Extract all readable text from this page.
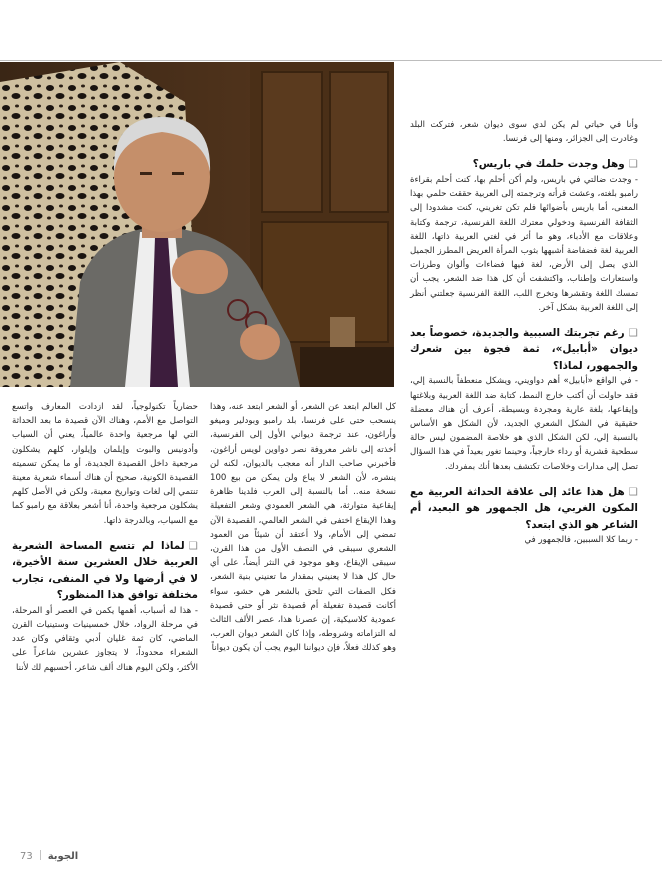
وأنا في حياتي لم يكن لدي سوى ديوان شعر، فتركت البلد وغادرت إلى الجزائر، ومنها إلى فرنسا.

❑وهل وجدت حلمك في باريس؟

- وجدت ضالتي في باريس، ولم أكن أحلم بها، كنت أحلم بقراءة رامبو بلغته، وعشت قرأته وترجمته إلى العربية حققت حلمي بهذا المعنى، أما باريس بأضوائها فلم تكن تغريني، كنت مشدودا إلى الثقافة الفرنسية ودخولي معترك اللغة الفرنسية، ترجمة وكتابة وعلاقات مع الأدباء، وهو ما أثر في لغتي العربية ذاتها، اللغة العربية لغة فضفاضة أشبهها بثوب المرأة العريض المطرز الجميل الذي يصل إلى الأرض، لغة فيها فضاءات وألوان وطرزات واستعارات وإطناب، واكتشفت أن كل هذا ضد الشعر، يجب أن تمسك اللغة وتقشرها وتخرج اللب، اللغة الفرنسية جعلتني أنظر إلى اللغة العربية بشكل آخر.

❑رغم تجربتك السببية والجديدة، خصوصاً بعد ديوان «أبابيل»، ثمة فجوة بين شعرك والجمهور، لماذا؟

- في الواقع «أبابيل» أهم دواويني، ويشكل منعطفاً بالنسبة إلي، فقد حاولت أن أكتب خارج النمط، كتابة ضد اللغة العربية وبلاغتها وإيقاعها، بلغة عارية ومجردة وبسيطة، أعرف أن هناك معضلة حقيقية في الشكل الشعري الجديد، لأن الشكل هو الأساس بالنسبة إلي، لكن الشكل الذي هو خلاصة المضمون ليس حالة سطحية قشرية أو رداء خارجياً، وحينما تغور بعيداً في هذا السؤال تصل إلى مدارات وخلاصات تكتشف بعدها أنك بمفردك.

❑هل هذا عائد إلى علاقة الحداثة العربية مع المكون الغربي، هل الجمهور هو البعيد، أم الشاعر هو الذي ابتعد؟

- ربما كلا السببين، فالجمهور في

كل العالم ابتعد عن الشعر، أو الشعر ابتعد عنه، وهذا ينسحب حتى على فرنسا، بلد رامبو وبودلير وميغو وأراغون، عند ترجمة ديواني الأول إلى الفرنسية، أخذته إلى ناشر معروفة نصر دواوين لويس أراغون، فأخبرني صاحب الدار أنه معجب بالديوان، لكنه لن ينشره، لأن الشعر لا يباع ولن يمكن من بيع 100 نسخة منه.. أما بالنسبة إلى العرب فلدينا ظاهرة إيقاعية متوارثة، هي الشعر العمودي وشعر التفعيلة وهذا الإيقاع اختفى في الشعر العالمي، القصيدة الآن تمضي إلى الأمام، ولا أعتقد أن شيئاً من العمود الشعري سيبقى في النصف الأول من هذا القرن، سيبقى الإيقاع، وهو موجود في النثر أيضاً، على أي حال كل هذا لا يعنيني بمقدار ما تعنيني بنية الشعر، فكل الصفات التي تلحق بالشعر هي حشو، سواء أكانت قصيدة تفعيلة أم قصيدة نثر أو حتى قصيدة عمودية كلاسيكية، إن عصرنا هذا، عصر الألف الثالث له التزاماته وشروطه، وإذا كان الشعر ديوان العرب، وهو كذلك فعلاً، فإن ديواننا اليوم يجب أن يكون ديواناً

حضارياً تكنولوجياً، لقد ازدادت المعارف واتسع التواصل مع الأمم، وهناك الآن قصيدة ما بعد الحداثة التي لها مرجعية واحدة عالمياً، يعني أن السياب وأدونيس والبوت وإيلمان وإيلوار، كلهم يشكلون مرجعية داخل القصيدة الجديدة، أو ما يمكن تسميته القصيدة الكونية، صحيح أن هناك أسماء شعرية معينة تنتمي إلى لغات وتواريخ معينة، ولكن في الأصل كلهم يشكلون مرجعية واحدة، أنا أشعر بعلاقة مع رامبو كما مع السياب، وبالدرجة ذاتها.

❑لماذا لم تتسع المساحة الشعرية العربية خلال العشرين سنة الأخيرة، لا في أرضها ولا في المنفى، تجارب مختلفة توافق هذا المنظور؟

- هذا له أسباب، أهمها يكمن في العصر أو المرحلة، في مرحلة الرواد، خلال خمسينيات وستينيات القرن الماضي، كان ثمة غليان أدبي وثقافي وكان عدد الشعراء محدوداً، لا يتجاوز عشرين شاعراً على الأكثر، ولكن اليوم هناك ألف شاعر، أحسبهم لك لأننا

73 الجوبة
